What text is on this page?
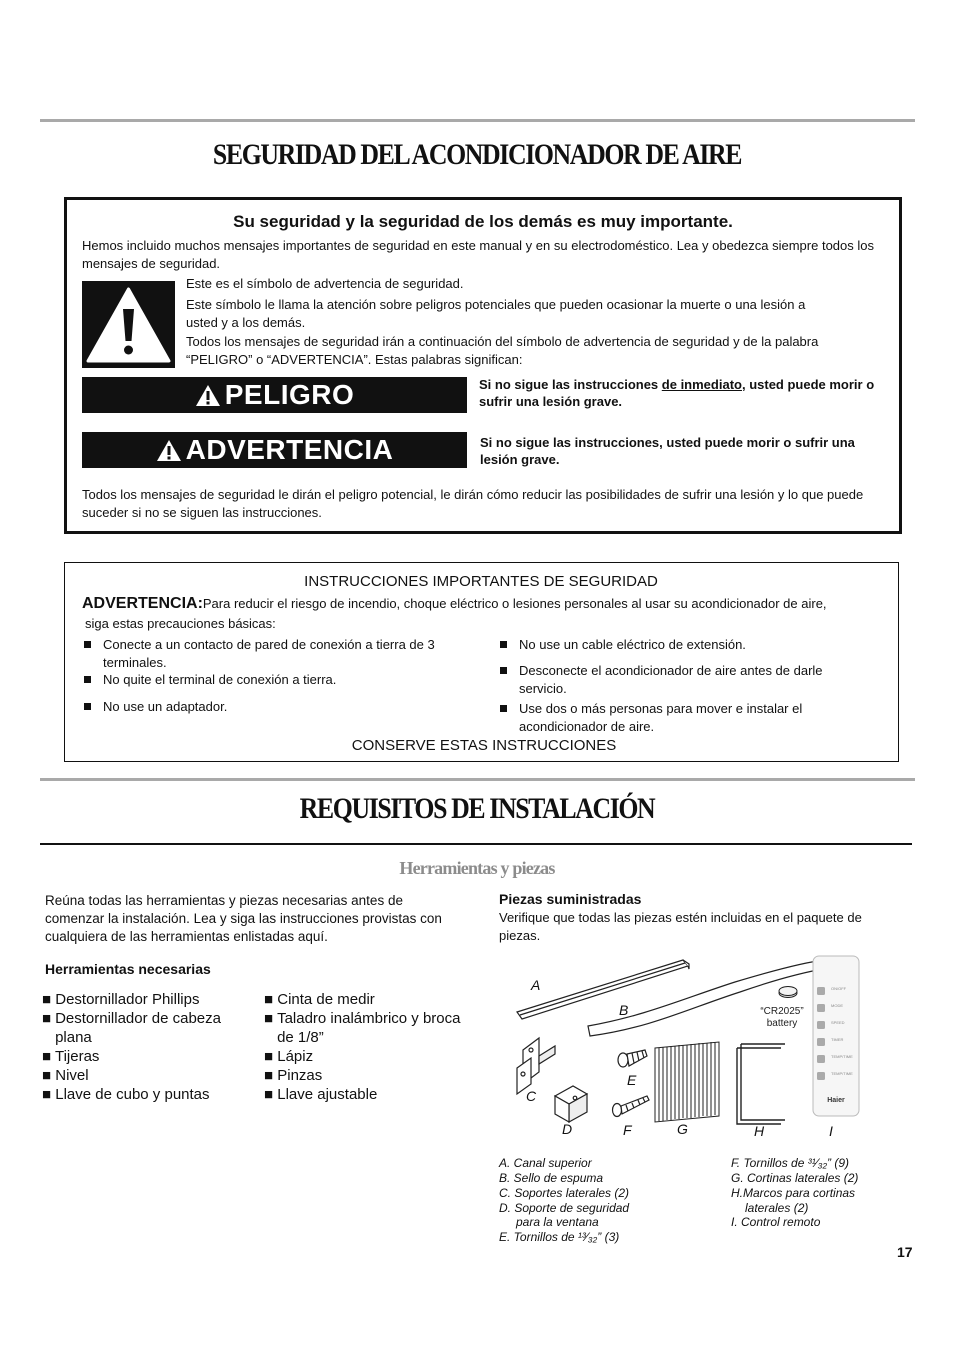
SEGURIDAD DEL ACONDICIONADOR DE AIRE
Su seguridad y la seguridad de los demás es muy importante.
Hemos incluido muchos mensajes importantes de seguridad en este manual y en su electrodoméstico. Lea y obedezca siempre todos los mensajes de seguridad.
Este es el símbolo de advertencia de seguridad.
Este símbolo le llama la atención sobre peligros potenciales que pueden ocasionar la muerte o una lesión a usted y a los demás.
Todos los mensajes de seguridad irán a continuación del símbolo de advertencia de seguridad y de la palabra “PELIGRO” o “ADVERTENCIA”. Estas palabras significan:
PELIGRO	Si no sigue las instrucciones de inmediato, usted puede morir o sufrir una lesión grave.
ADVERTENCIA	Si no sigue las instrucciones, usted puede morir o sufrir una lesión grave.
Todos los mensajes de seguridad le dirán el peligro potencial, le dirán cómo reducir las posibilidades de sufrir una lesión y lo que puede suceder si no se siguen las instrucciones.
INSTRUCCIONES IMPORTANTES DE SEGURIDAD
ADVERTENCIA:Para reducir el riesgo de incendio, choque eléctrico o lesiones personales al usar su acondicionador de aire,
siga estas precauciones básicas:
Conecte a un contacto de pared de conexión a tierra de 3 terminales.
No quite el terminal de conexión a tierra.
No use un adaptador.
No use un cable eléctrico de extensión.
Desconecte el acondicionador de aire antes de darle servicio.
Use dos o más personas para mover e instalar el acondicionador de aire.
CONSERVE ESTAS INSTRUCCIONES
REQUISITOS DE INSTALACIÓN
Herramientas y piezas
Reúna todas las herramientas y piezas necesarias antes de comenzar la instalación. Lea y siga las instrucciones provistas con cualquiera de las herramientas enlistadas aquí.
Herramientas necesarias
■ Destornillador Phillips
■ Destornillador de cabeza plana
■ Tijeras
■ Nivel
■ Llave de cubo y puntas
■ Cinta de medir
■ Taladro inalámbrico y broca de 1/8”
■ Lápiz
■ Pinzas
■ Llave ajustable
Piezas suministradas
Verifique que todas las piezas estén incluidas en el paquete de piezas.
ON/OFF
MODE
SPEED
TIMER
TEMP/TIME
TEMP/TIME
Haier
“CR2025” battery
A
B
C
D
E
F	G	H	I
A. Canal superior
B. Sello de espuma
C. Soportes laterales (2)
D. Soporte de seguridad
para la ventana
E. Tornillos de ¹³⁄₃₂” (3)
F. Tornillos de ³¹⁄₃₂” (9)
G. Cortinas laterales (2)
H.Marcos para cortinas
laterales (2)
I. Control remoto
17
